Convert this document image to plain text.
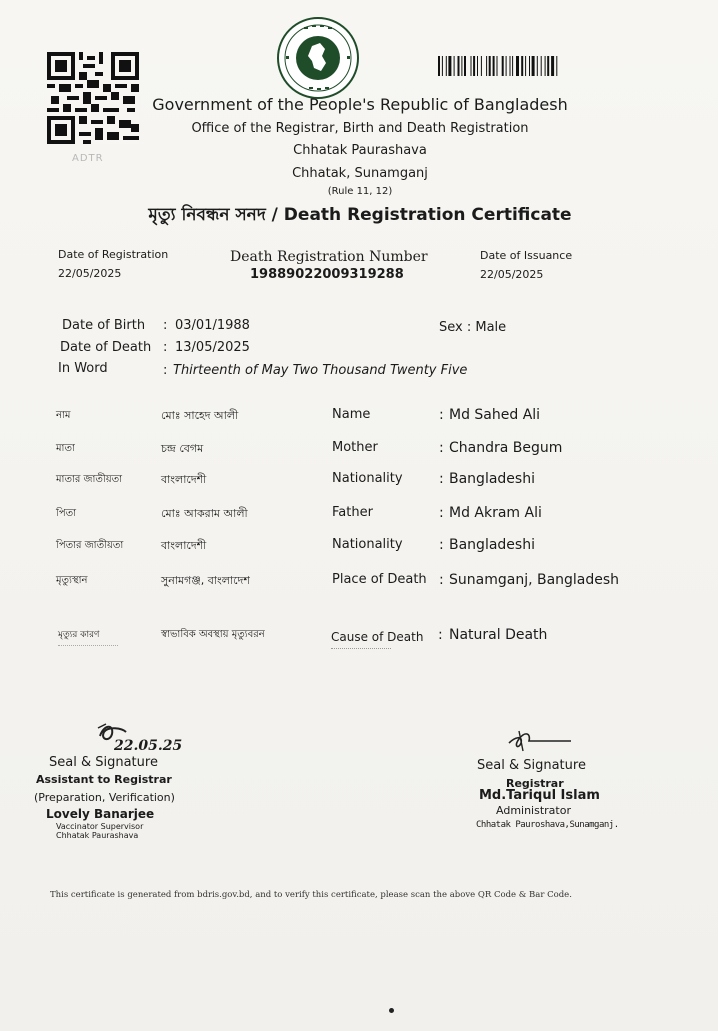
ADTR
Government of the People's Republic of Bangladesh
Office of the Registrar, Birth and Death Registration
Chhatak Paurashava
Chhatak, Sunamganj
(Rule 11, 12)
মৃত্যু নিবন্ধন সনদ / Death Registration Certificate
Date of Registration
22/05/2025
Death Registration Number
19889022009319288
Date of Issuance
22/05/2025
Date of Birth : 03/01/1988	Sex : Male
Date of Death : 13/05/2025
In Word	: Thirteenth of May Two Thousand Twenty Five
নাম	মোঃ সাহেদ আলী	Name	: Md Sahed Ali
মাতা	চন্দ্র বেগম	Mother	: Chandra Begum
মাতার জাতীয়তা	বাংলাদেশী	Nationality	: Bangladeshi
পিতা	মোঃ আকরাম আলী	Father	: Md Akram Ali
পিতার জাতীয়তা	বাংলাদেশী	Nationality	: Bangladeshi
মৃত্যুস্থান	সুনামগঞ্জ, বাংলাদেশ	Place of Death : Sunamganj, Bangladesh
মৃত্যুর কারণ	স্বাভাবিক অবস্থায় মৃত্যুবরন	Cause of Death : Natural Death
22.05.25
Seal & Signature
Assistant to Registrar
(Preparation, Verification)
Lovely Banarjee
Vaccinator Supervisor
Chhatak Paurashava
Seal & Signature
Registrar
Md.Tariqul Islam
Administrator
Chhatak Pauroshava,Sunamganj.
This certificate is generated from bdris.gov.bd, and to verify this certificate, please scan the above QR Code & Bar Code.
